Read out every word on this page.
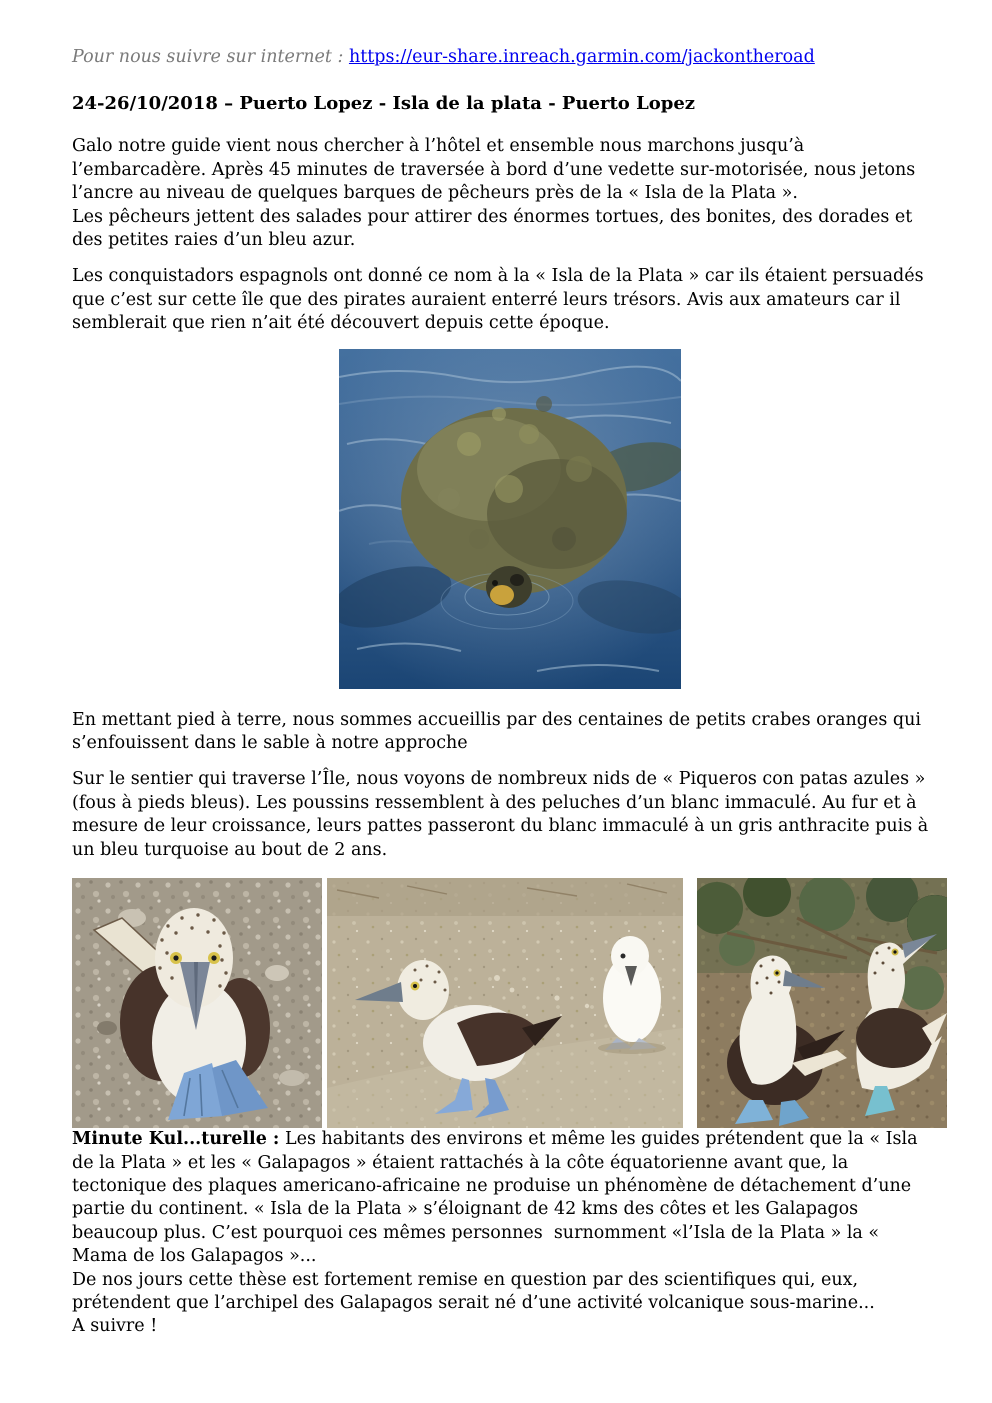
Pour nous suivre sur internet : https://eur-share.inreach.garmin.com/jackontheroad

24-26/10/2018 – Puerto Lopez - Isla de la plata - Puerto Lopez

Galo notre guide vient nous chercher à l’hôtel et ensemble nous marchons jusqu’à l’embarcadère. Après 45 minutes de traversée à bord d’une vedette sur-motorisée, nous jetons l’ancre au niveau de quelques barques de pêcheurs près de la « Isla de la Plata ».
Les pêcheurs jettent des salades pour attirer des énormes tortues, des bonites, des dorades et des petites raies d’un bleu azur.

Les conquistadors espagnols ont donné ce nom à la « Isla de la Plata » car ils étaient persuadés que c’est sur cette île que des pirates auraient enterré leurs trésors. Avis aux amateurs car il semblerait que rien n’ait été découvert depuis cette époque.

En mettant pied à terre, nous sommes accueillis par des centaines de petits crabes oranges qui s’enfouissent dans le sable à notre approche

Sur le sentier qui traverse l’Île, nous voyons de nombreux nids de « Piqueros con patas azules » (fous à pieds bleus). Les poussins ressemblent à des peluches d’un blanc immaculé. Au fur et à mesure de leur croissance, leurs pattes passeront du blanc immaculé à un gris anthracite puis à un bleu turquoise au bout de 2 ans.

Minute Kul...turelle : Les habitants des environs et même les guides prétendent que la « Isla de la Plata » et les « Galapagos » étaient rattachés à la côte équatorienne avant que, la tectonique des plaques americano-africaine ne produise un phénomène de détachement d’une partie du continent. « Isla de la Plata » s’éloignant de 42 kms des côtes et les Galapagos beaucoup plus. C’est pourquoi ces mêmes personnes  surnomment «l’Isla de la Plata » la « Mama de los Galapagos »...
De nos jours cette thèse est fortement remise en question par des scientifiques qui, eux, prétendent que l’archipel des Galapagos serait né d’une activité volcanique sous-marine...
A suivre !
